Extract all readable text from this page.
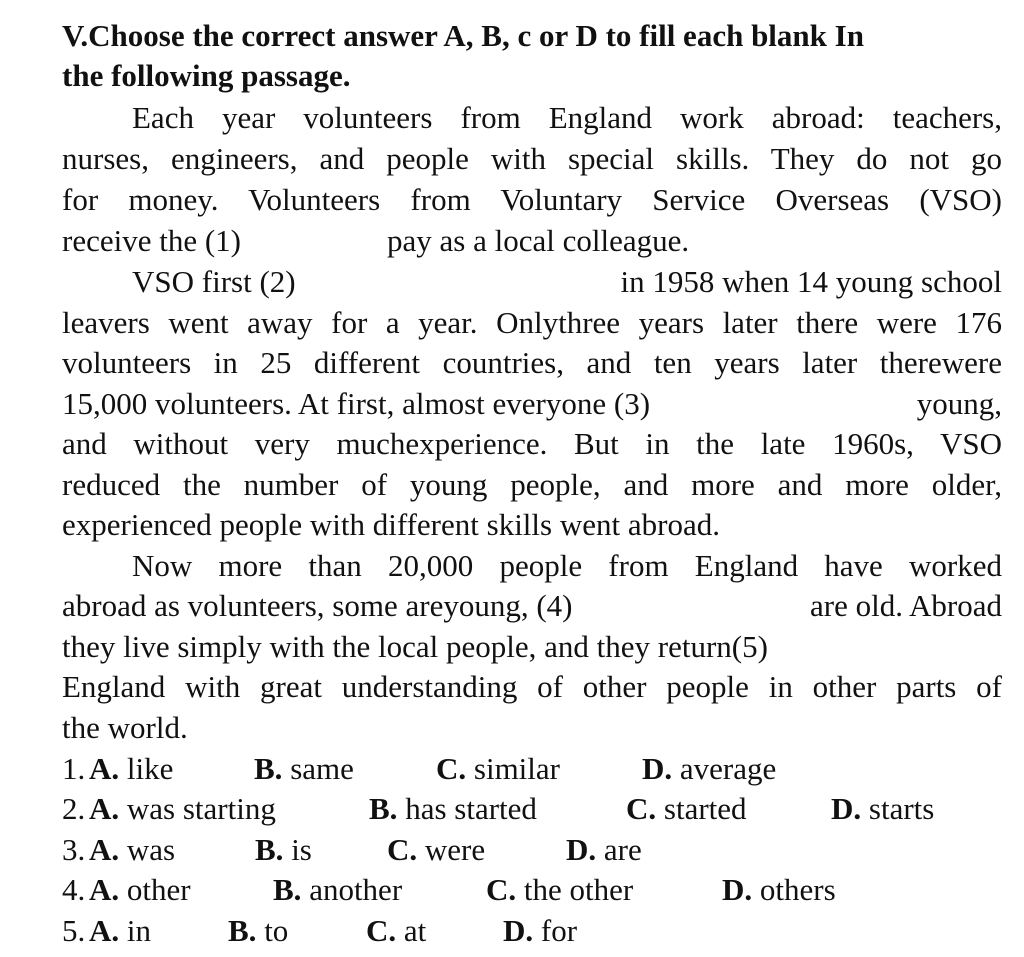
V.Choose the correct answer A, B, c or D to fill each blank In
the following passage.
Each year volunteers from England work abroad: teachers,
nurses, engineers, and people with special skills. They do not go
for money. Volunteers from Voluntary Service Overseas (VSO)
receive the (1)	pay as a local colleague.
VSO first (2)	in 1958 when 14 young school
leavers went away for a year. Onlythree years later there were 176
volunteers in 25 different countries, and ten years later therewere
15,000 volunteers. At first, almost everyone (3)	young,
and without very muchexperience. But in the late 1960s, VSO
reduced the number of young people, and more and more older,
experienced people with different skills went abroad.
Now more than 20,000 people from England have worked
abroad as volunteers, some areyoung, (4)	are old. Abroad
they live simply with the local people, and they return(5)
England with great understanding of other people in other parts of
the world.
1. A. like	B. same	C. similar	D. average
2. A. was starting	B. has started	C. started	D. starts
3. A. was	B. is C. were	D. are
4. A. other	B. another	C. the other	D. others
5. A. in B. to	C. at D. for
